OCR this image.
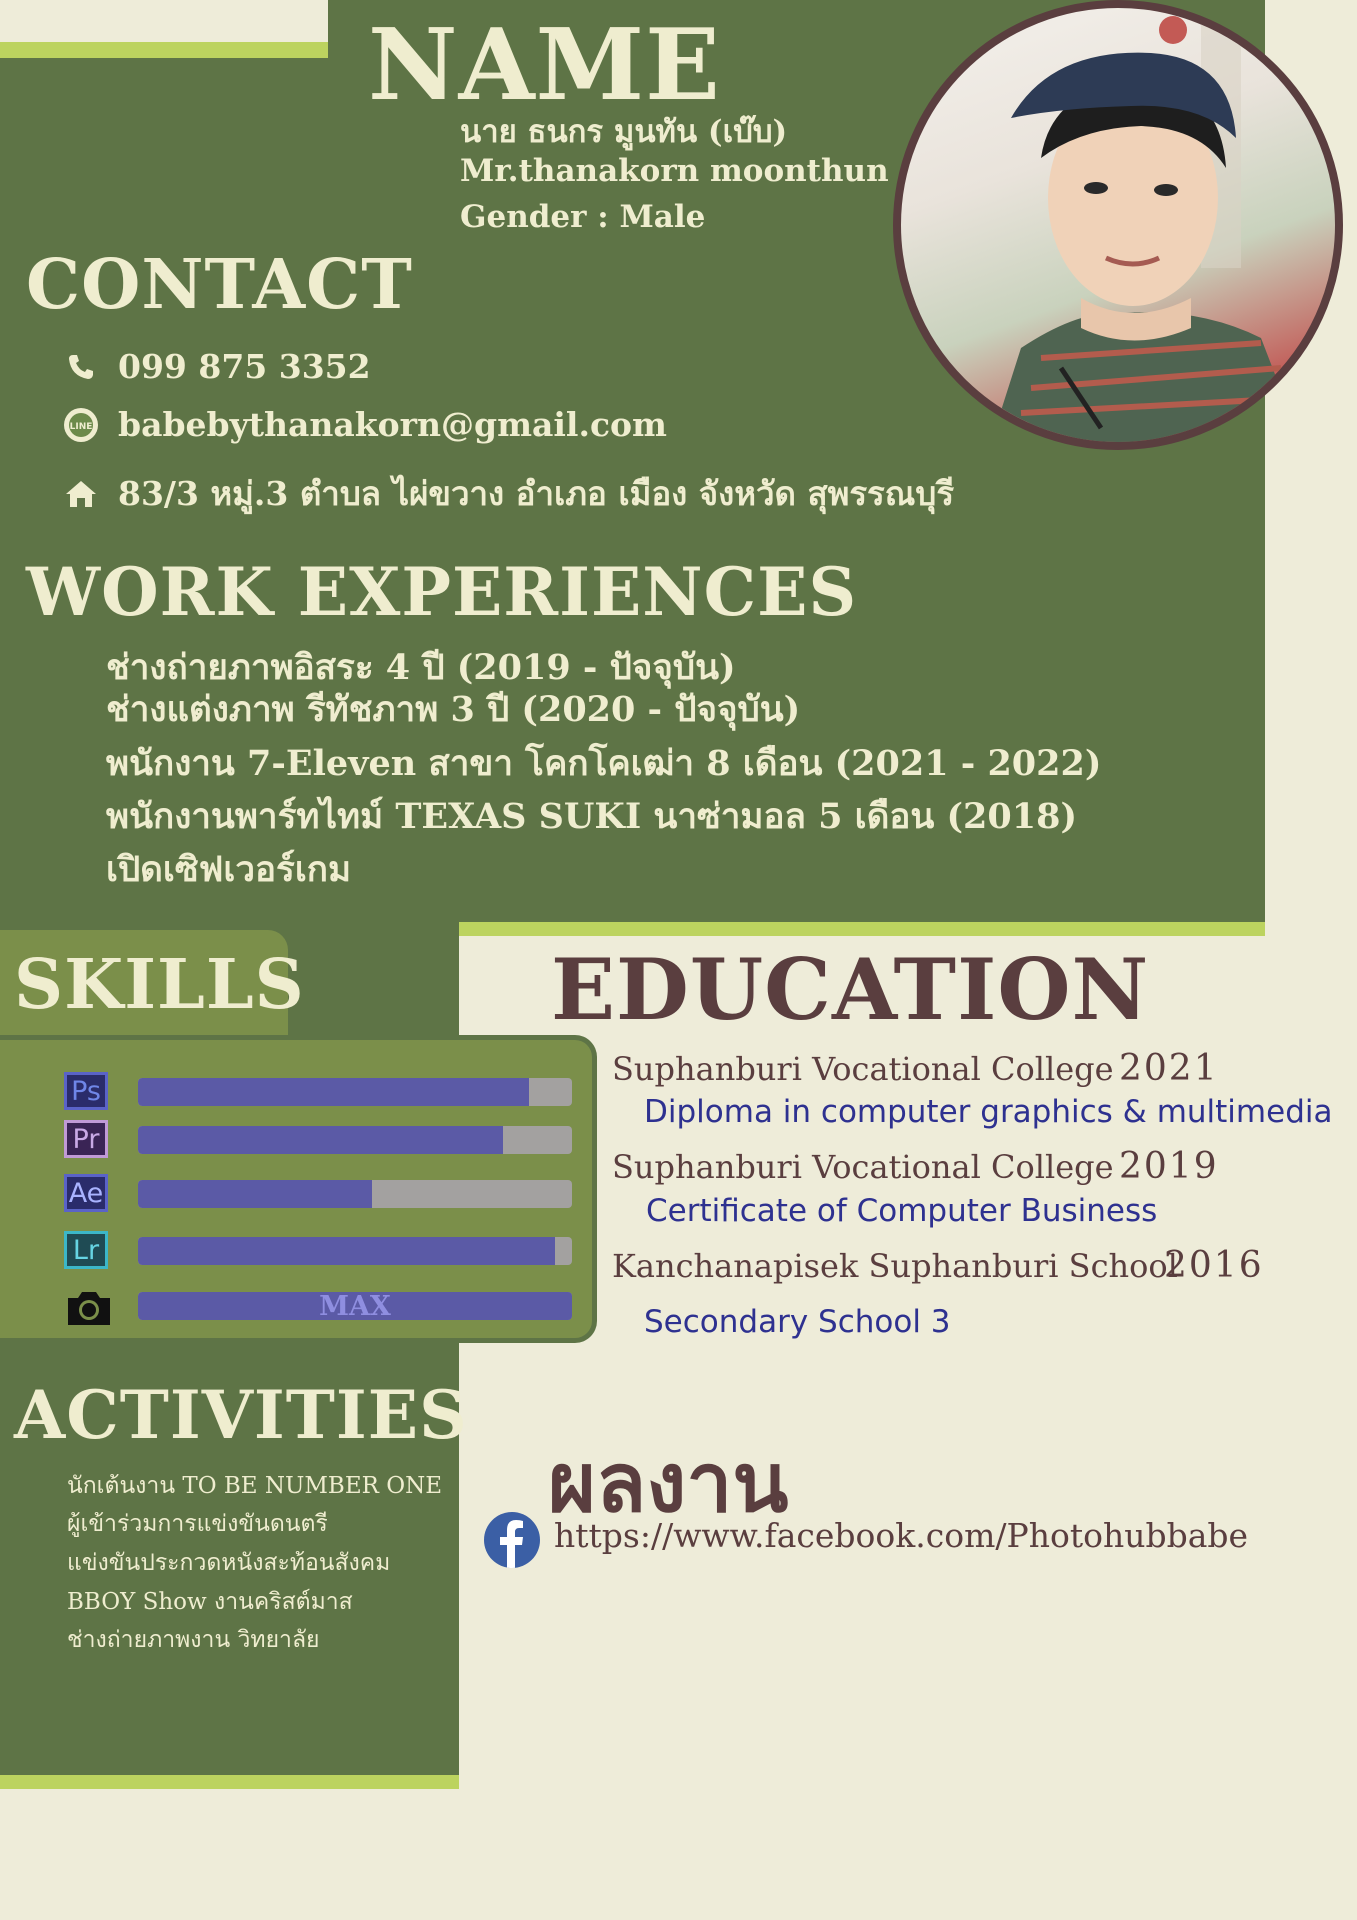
NAME
นาย ธนกร มูนทัน (เบ๊บ)
Mr.thanakorn moonthun
Gender : Male
CONTACT
099 875 3352
LINE babebythanakorn@gmail.com
83/3 หมู่.3 ตำบล ไผ่ขวาง อำเภอ เมือง จังหวัด สุพรรณบุรี
WORK EXPERIENCES
ช่างถ่ายภาพอิสระ 4 ปี (2019 - ปัจจุบัน)
ช่างแต่งภาพ รีทัชภาพ 3 ปี (2020 - ปัจจุบัน)
พนักงาน 7-Eleven สาขา โคกโคเฒ่า 8 เดือน (2021 - 2022)
พนักงานพาร์ทไทม์ TEXAS SUKI นาซ่ามอล 5 เดือน (2018)
เปิดเซิฟเวอร์เกม
Ps
Pr
Ae
Lr
MAX
SKILLS	EDUCATION
Suphanburi Vocational College 2021
Diploma in computer graphics & multimedia
Suphanburi Vocational College 2019
Certificate of Computer Business
Kanchanapisek Suphanburi School
2016
Secondary School 3
ACTIVITIES
นักเต้นงาน TO BE NUMBER ONE
ผู้เข้าร่วมการแข่งขันดนตรี
แข่งขันประกวดหนังสะท้อนสังคม
BBOY Show งานคริสต์มาส
ช่างถ่ายภาพงาน วิทยาลัย
ผลงาน
https://www.facebook.com/Photohubbabe
